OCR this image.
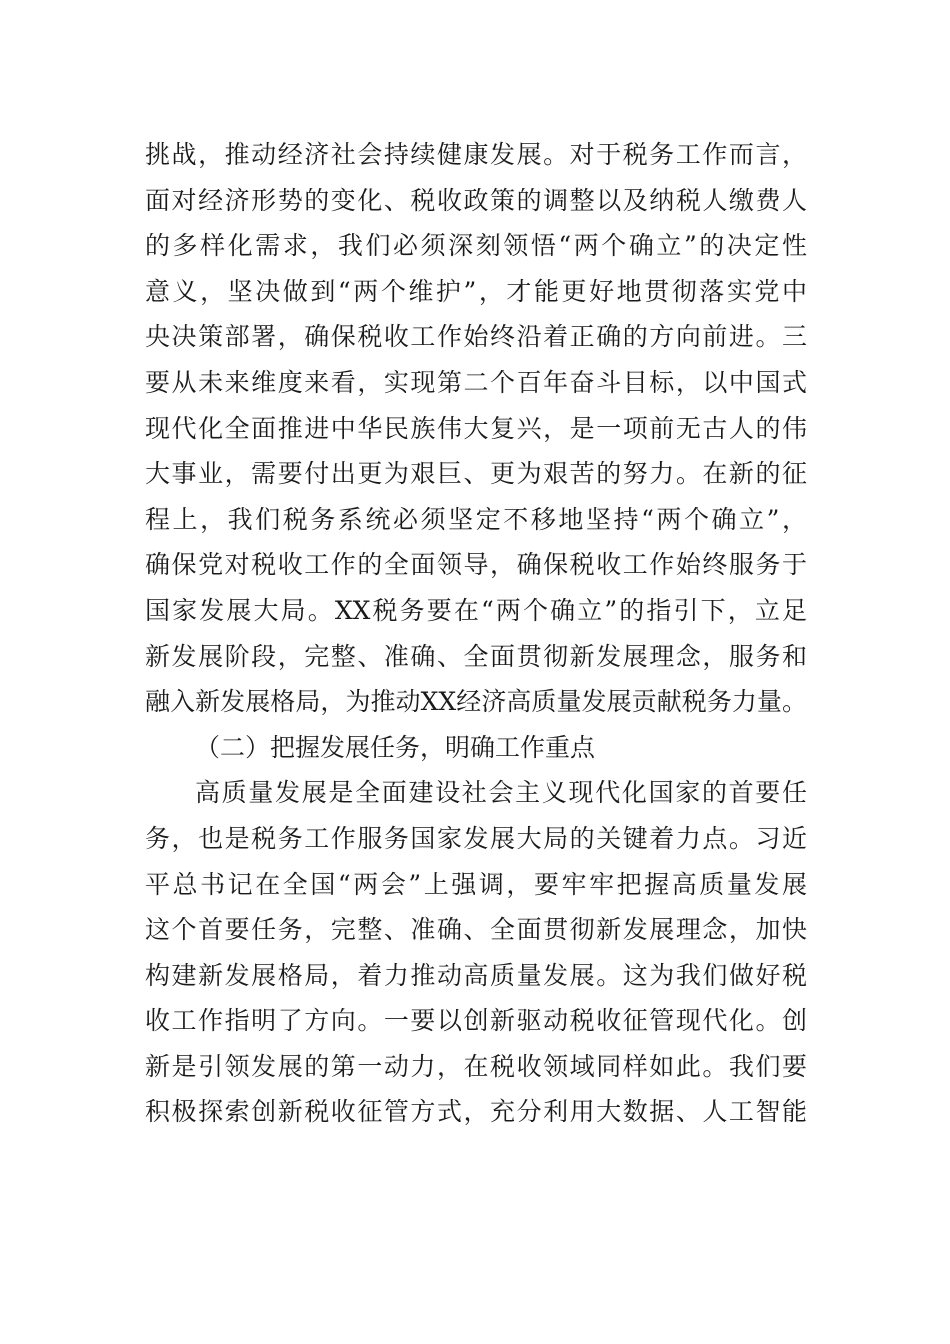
挑战，推动经济社会持续健康发展。对于税务工作而言，
面对经济形势的变化、税收政策的调整以及纳税人缴费人
的多样化需求，我们必须深刻领悟“两个确立”的决定性
意义，坚决做到“两个维护”，才能更好地贯彻落实党中
央决策部署，确保税收工作始终沿着正确的方向前进。三
要从未来维度来看，实现第二个百年奋斗目标，以中国式
现代化全面推进中华民族伟大复兴，是一项前无古人的伟
大事业，需要付出更为艰巨、更为艰苦的努力。在新的征
程上，我们税务系统必须坚定不移地坚持“两个确立”，
确保党对税收工作的全面领导，确保税收工作始终服务于
国家发展大局。XX税务要在“两个确立”的指引下，立足
新发展阶段，完整、准确、全面贯彻新发展理念，服务和
融入新发展格局，为推动XX经济高质量发展贡献税务力量。
（二）把握发展任务，明确工作重点
高质量发展是全面建设社会主义现代化国家的首要任
务，也是税务工作服务国家发展大局的关键着力点。习近
平总书记在全国“两会”上强调，要牢牢把握高质量发展
这个首要任务，完整、准确、全面贯彻新发展理念，加快
构建新发展格局，着力推动高质量发展。这为我们做好税
收工作指明了方向。一要以创新驱动税收征管现代化。创
新是引领发展的第一动力，在税收领域同样如此。我们要
积极探索创新税收征管方式，充分利用大数据、人工智能
